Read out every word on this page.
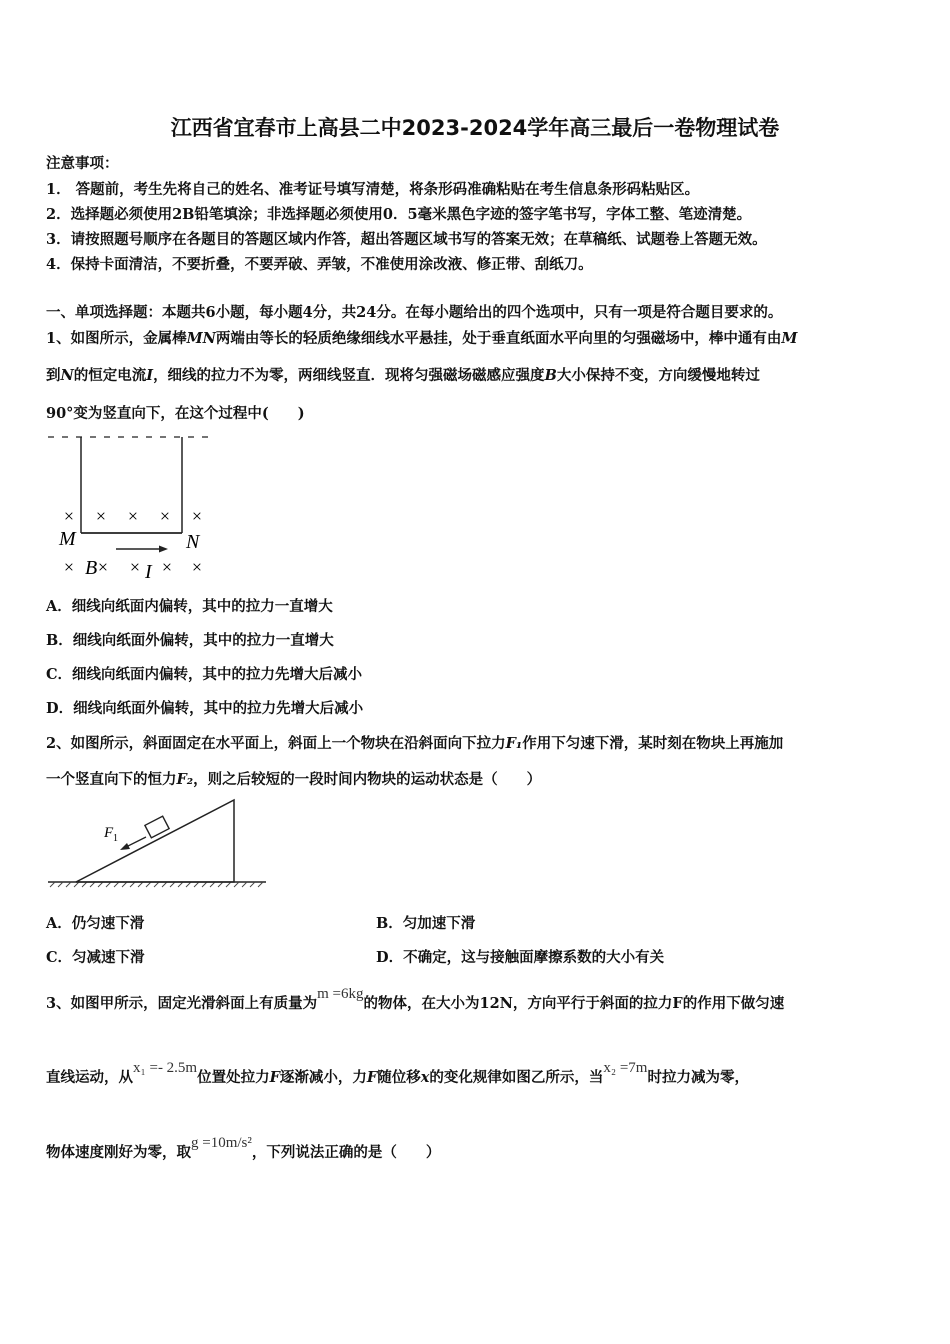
江西省宜春市上高县二中2023-2024学年高三最后一卷物理试卷
注意事项：
1． 答题前，考生先将自己的姓名、准考证号填写清楚，将条形码准确粘贴在考生信息条形码粘贴区。
2．选择题必须使用2B铅笔填涂；非选择题必须使用0．5毫米黑色字迹的签字笔书写，字体工整、笔迹清楚。
3．请按照题号顺序在各题目的答题区域内作答，超出答题区域书写的答案无效；在草稿纸、试题卷上答题无效。
4．保持卡面清洁，不要折叠，不要弄破、弄皱，不准使用涂改液、修正带、刮纸刀。
一、单项选择题：本题共6小题，每小题4分，共24分。在每小题给出的四个选项中，只有一项是符合题目要求的。
1、如图所示，金属棒MN两端由等长的轻质绝缘细线水平悬挂，处于垂直纸面水平向里的匀强磁场中，棒中通有由M
到N的恒定电流I，细线的拉力不为零，两细线竖直．现将匀强磁场磁感应强度B大小保持不变，方向缓慢地转过
90°变为竖直向下，在这个过程中(　　)
× × × × ×
M	N
× B × × I × ×
A．细线向纸面内偏转，其中的拉力一直增大
B．细线向纸面外偏转，其中的拉力一直增大
C．细线向纸面内偏转，其中的拉力先增大后减小
D．细线向纸面外偏转，其中的拉力先增大后减小
2、如图所示，斜面固定在水平面上，斜面上一个物块在沿斜面向下拉力F₁作用下匀速下滑，某时刻在物块上再施加
一个竖直向下的恒力F₂，则之后较短的一段时间内物块的运动状态是（　　）
F 1
A．仍匀速下滑	B．匀加速下滑
C．匀减速下滑	D．不确定，这与接触面摩擦系数的大小有关
3、如图甲所示，固定光滑斜面上有质量为m =6kg的物体，在大小为12N，方向平行于斜面的拉力F的作用下做匀速
直线运动，从x₁ =- 2.5m位置处拉力F逐渐减小，力F随位移x的变化规律如图乙所示，当x₂ =7m时拉力减为零，
物体速度刚好为零，取g =10m/s²，下列说法正确的是（　　）
